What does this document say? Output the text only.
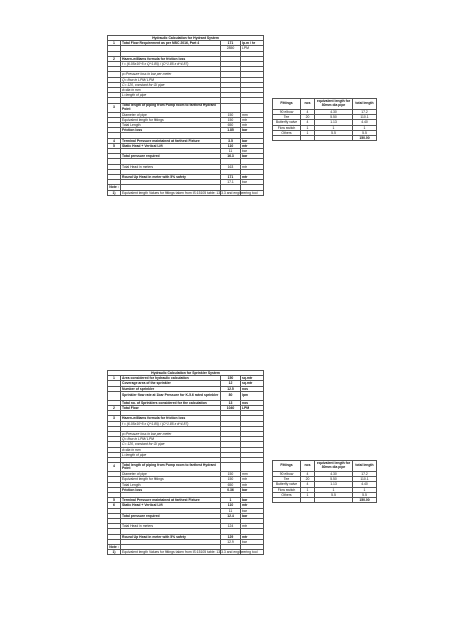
Hydraulic Calculation for Hydrant System			
1	Total Flow Requirement as per NBC 2016, Part 4	171	lp.m / hr
		2850	LPM

2	Hazen-williams formula for friction loss		
	f = (6.05x10^5 x Q^1.85) / (C^1.85 x d^4.87)		

	p=Pressure loss in bar per meter		
	Q= flow in LPM/ LPM		
	C= 120, constant for GI pipe		
	d=dia in mm		
	L=length of pipe		

3	Total length of piping from Pump room to farthest Hydrant Point		
	Diameter of pipe	150	mm
	Equivalent length for fittings	150	mtr
	Total Length	650	mtr
	Friction loss	1.85	bar

4	Terminal Pressure maintained at farthest Fixture	3.5	bar
5	Static Head + Vertical Lift	110	mtr
		11	bar
	Total pressure required	16.3	bar

	Total Head in meters	163	mtr

	Round Up Head in meter with 5% safety	171	mtr
		17.1	bar
Note :			
1)	Equivalent length Values for fittings taken from IS:15105 table: 13.3.3 and engineering tool		
Fittings	nos	equivalent length for 80mm dia pipe	total length
90 elbow	4	4.30	17.2
Tee	20	5.50	110.1
Butterfly valve	4	1.13	4.40
Flow switch	1	1	1
Others	1	5.5	5.5
			150.00
Hydraulic Calculation for Sprinkler System			
1	Area considered for hydraulic calculation	150	sq.mtr
	Coverage area of the sprinkler	12	sq.mtr
	Number of sprinkler	12.5	nos
	Sprinkler flow rate at 1bar Pressure for K-5.6 rated sprinkler	80	lpm
	Total no. of Sprinklers considered for the calculation	13	nos
2	Total Flow	1040	LPM

3	Hazen-williams formula for friction loss		
	f = (6.05x10^5 x Q^1.85) / (C^1.85 x d^4.87)		

	p=Pressure loss in bar per meter		
	Q= flow in LPM/ LPM		
	C= 120, constant for GI pipe		
	d=dia in mm		
	L=length of pipe		

4	Total length of piping from Pump room to farthest Hydrant Point		
	Diameter of pipe	150	mm
	Equivalent length for fittings	150	mtr
	Total Length	650	mtr
	Friction loss	0.36	bar

5	Terminal Pressure maintained at farthest Fixture	1	bar
6	Static Head + Vertical Lift	110	mtr
		11	bar
	Total pressure required	12.4	bar

	Total Head in meters	124	mtr

	Round Up Head in meter with 5% safety	129	mtr
		12.9	bar
Note :			
1)	Equivalent length Values for fittings taken from IS:15105 table: 13.3.3 and engineering tool		
Fittings	nos	equivalent length for 80mm dia pipe	total length
90 elbow	4	4.30	17.2
Tee	20	5.50	110.1
Butterfly valve	4	1.13	4.40
Flow switch	1	1	1
Others	1	5.5	5.5
			150.00
